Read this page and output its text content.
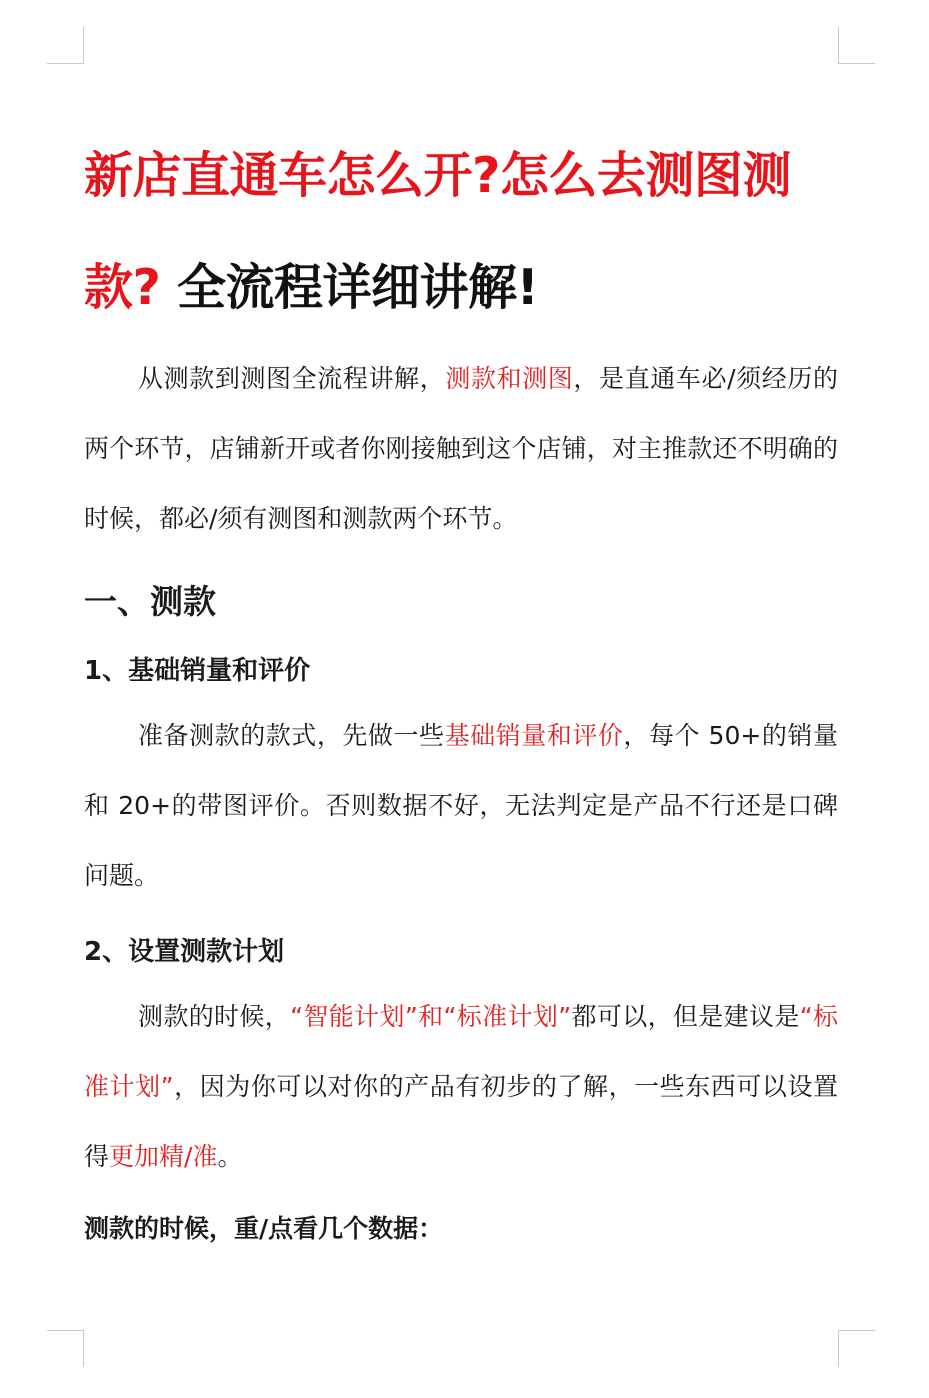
新店直通车怎么开?怎么去测图测款? 全流程详细讲解!

从测款到测图全流程讲解，测款和测图，是直通车必/须经历的两个环节，店铺新开或者你刚接触到这个店铺，对主推款还不明确的时候，都必/须有测图和测款两个环节。

一、测款
1、基础销量和评价

准备测款的款式，先做一些基础销量和评价，每个 50+的销量和 20+的带图评价。否则数据不好，无法判定是产品不行还是口碑问题。

2、设置测款计划

测款的时候，“智能计划”和“标准计划”都可以，但是建议是“标准计划”，因为你可以对你的产品有初步的了解，一些东西可以设置得更加精/准。

测款的时候，重/点看几个数据：
